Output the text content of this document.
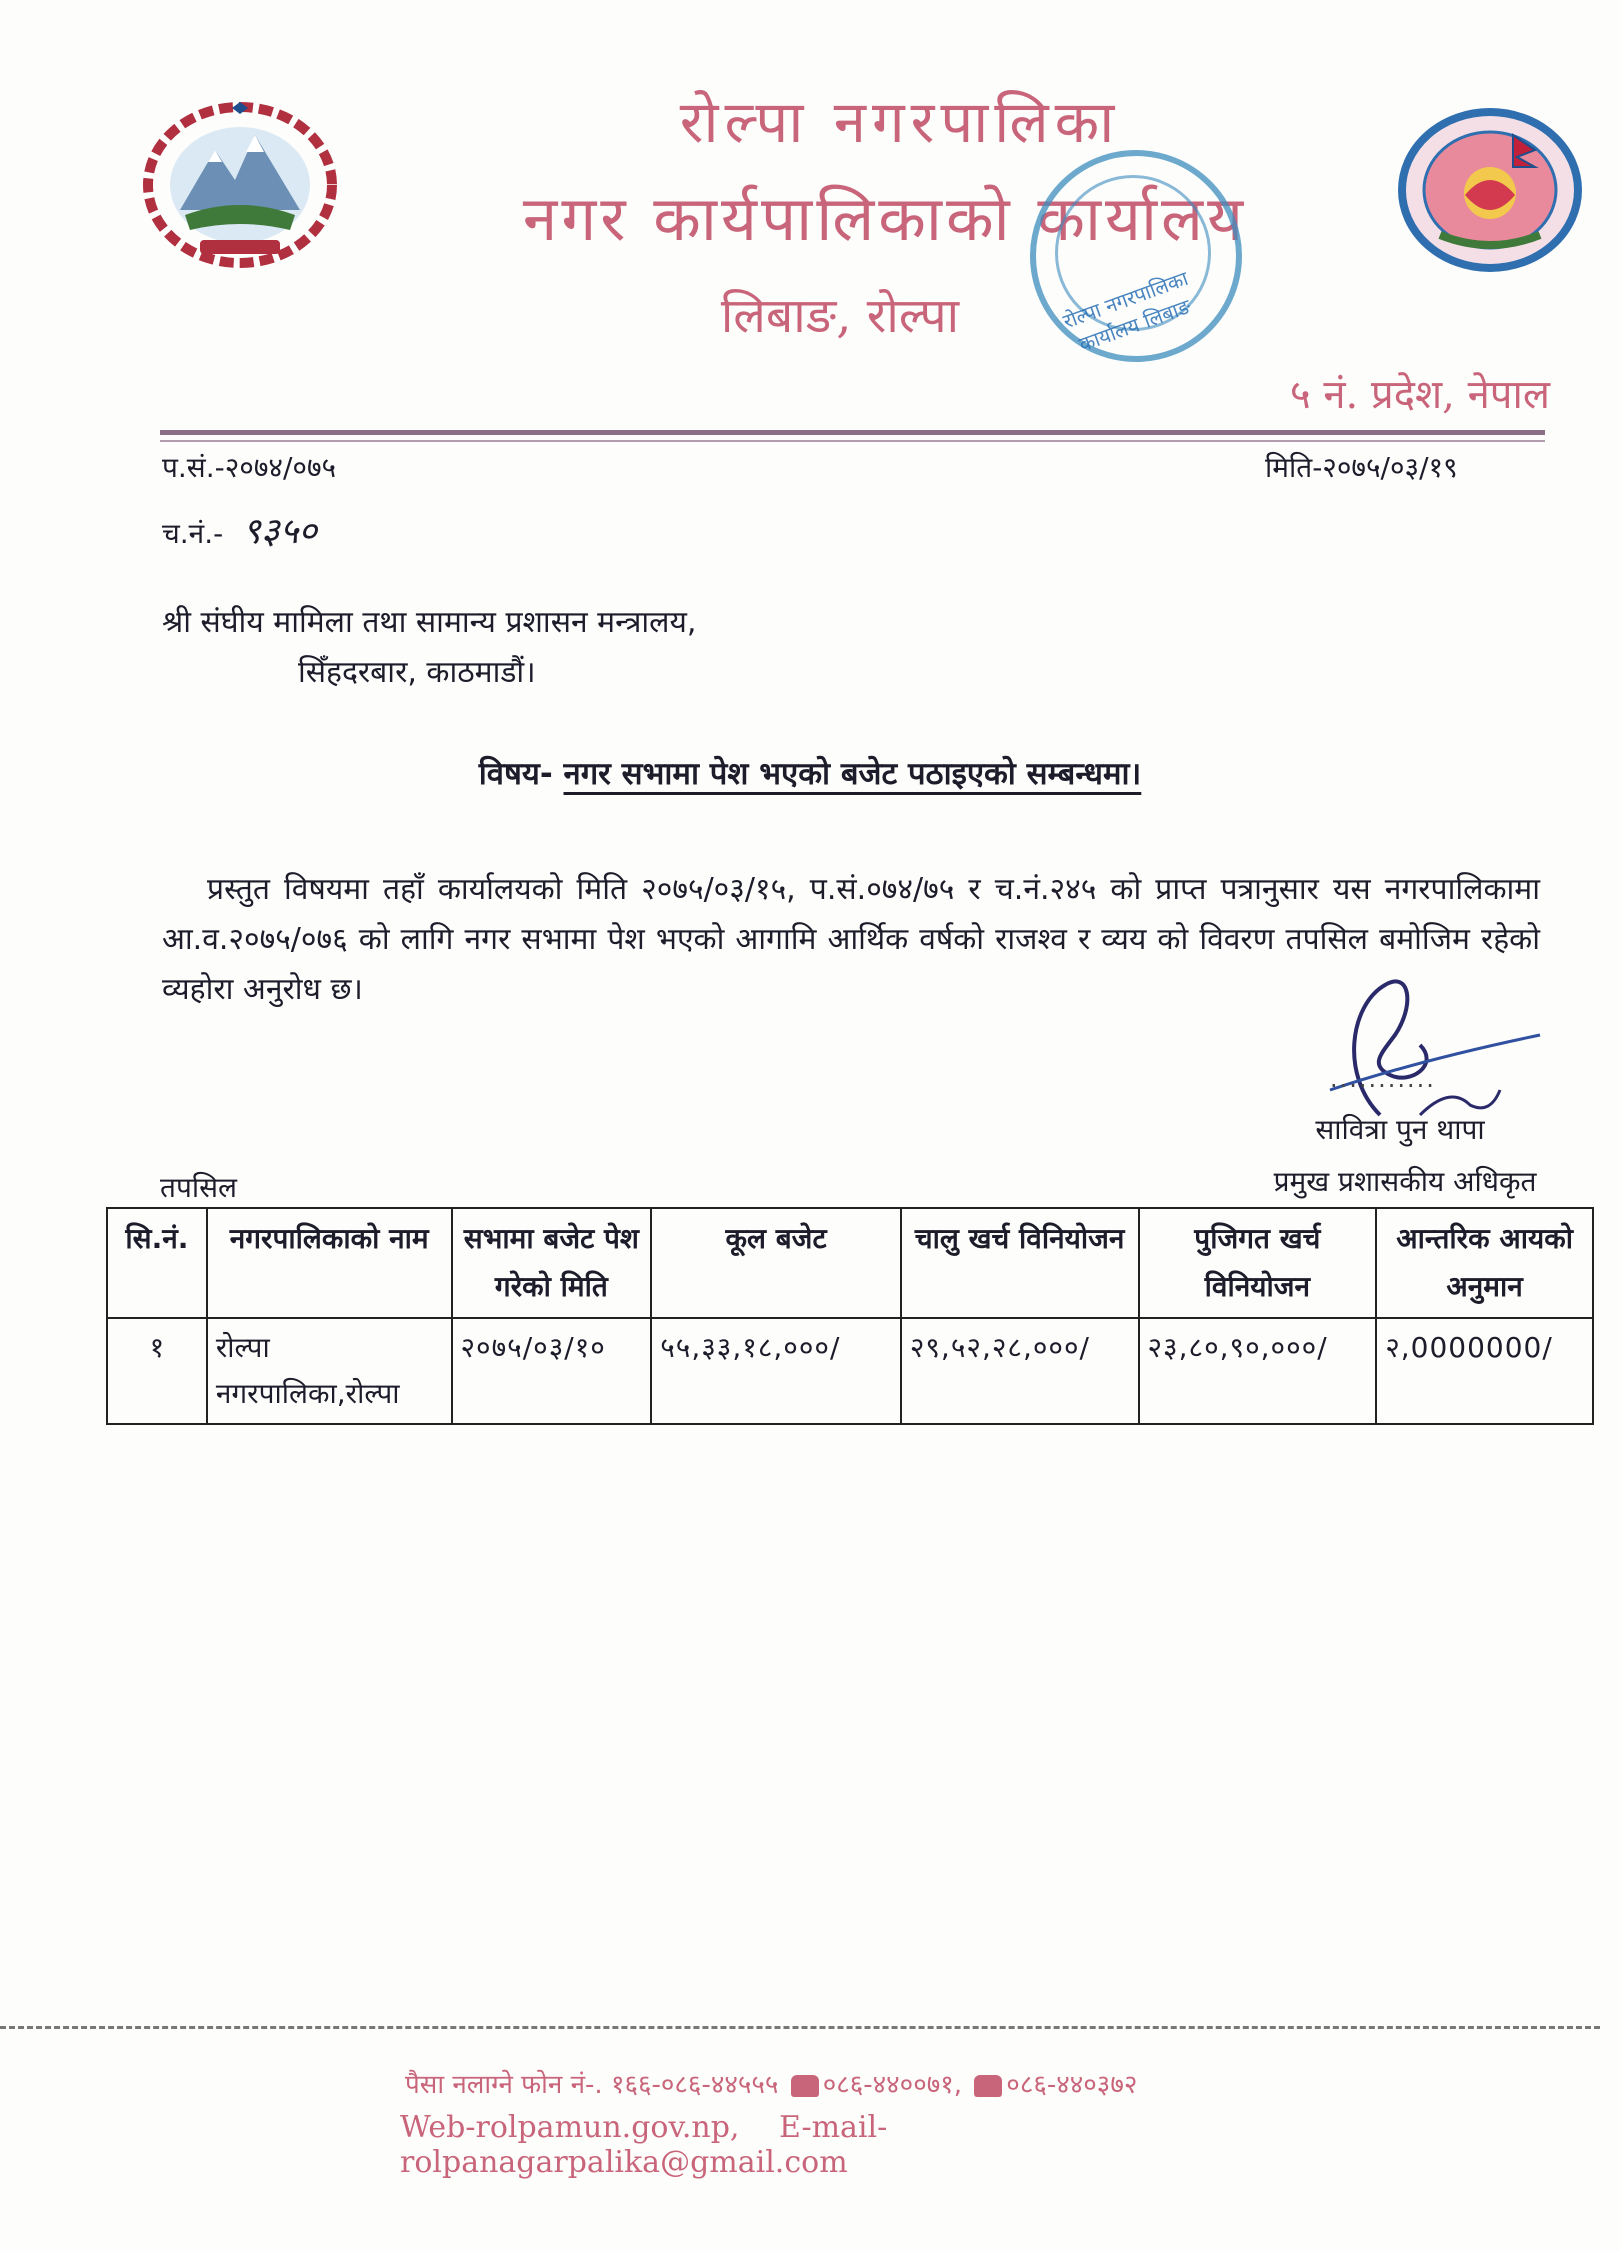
रोल्पा नगरपालिका
नगर कार्यपालिकाको कार्यालय
लिबाङ, रोल्पा
५ नं. प्रदेश, नेपाल
रोल्पा नगरपालिका कार्यालय लिबाङ
प.सं.-२०७४/०७५	मिति-२०७५/०३/१९
च.नं.- ९३५०
श्री संघीय मामिला तथा सामान्य प्रशासन मन्त्रालय,
सिँहदरबार, काठमाडौं।
विषय- नगर सभामा पेश भएको बजेट पठाइएको सम्बन्धमा।
प्रस्तुत विषयमा तहाँ कार्यालयको मिति २०७५/०३/१५, प.सं.०७४/७५ र च.नं.२४५ को प्राप्त पत्रानुसार यस नगरपालिकामा आ.व.२०७५/०७६ को लागि नगर सभामा पेश भएको आगामि आर्थिक वर्षको राजश्व र व्यय को विवरण तपसिल बमोजिम रहेको व्यहोरा अनुरोध छ।
...........
सावित्रा पुन थापा
प्रमुख प्रशासकीय अधिकृत
तपसिल
सि.नं.	नगरपालिकाको नाम	सभामा बजेट पेश गरेको मिति	कूल बजेट	चालु खर्च विनियोजन	पुजिगत खर्च विनियोजन	आन्तरिक आयको अनुमान
१	रोल्पा नगरपालिका,रोल्पा	२०७५/०३/१०	५५,३३,१८,०००/	२९,५२,२८,०००/	२३,८०,९०,०००/	२,0000000/
पैसा नलाग्ने फोन नं-. १६६-०८६-४४५५५ ०८६-४४००७१, ०८६-४४०३७२
Web-rolpamun.gov.np, E-mail- rolpanagarpalika@gmail.com
